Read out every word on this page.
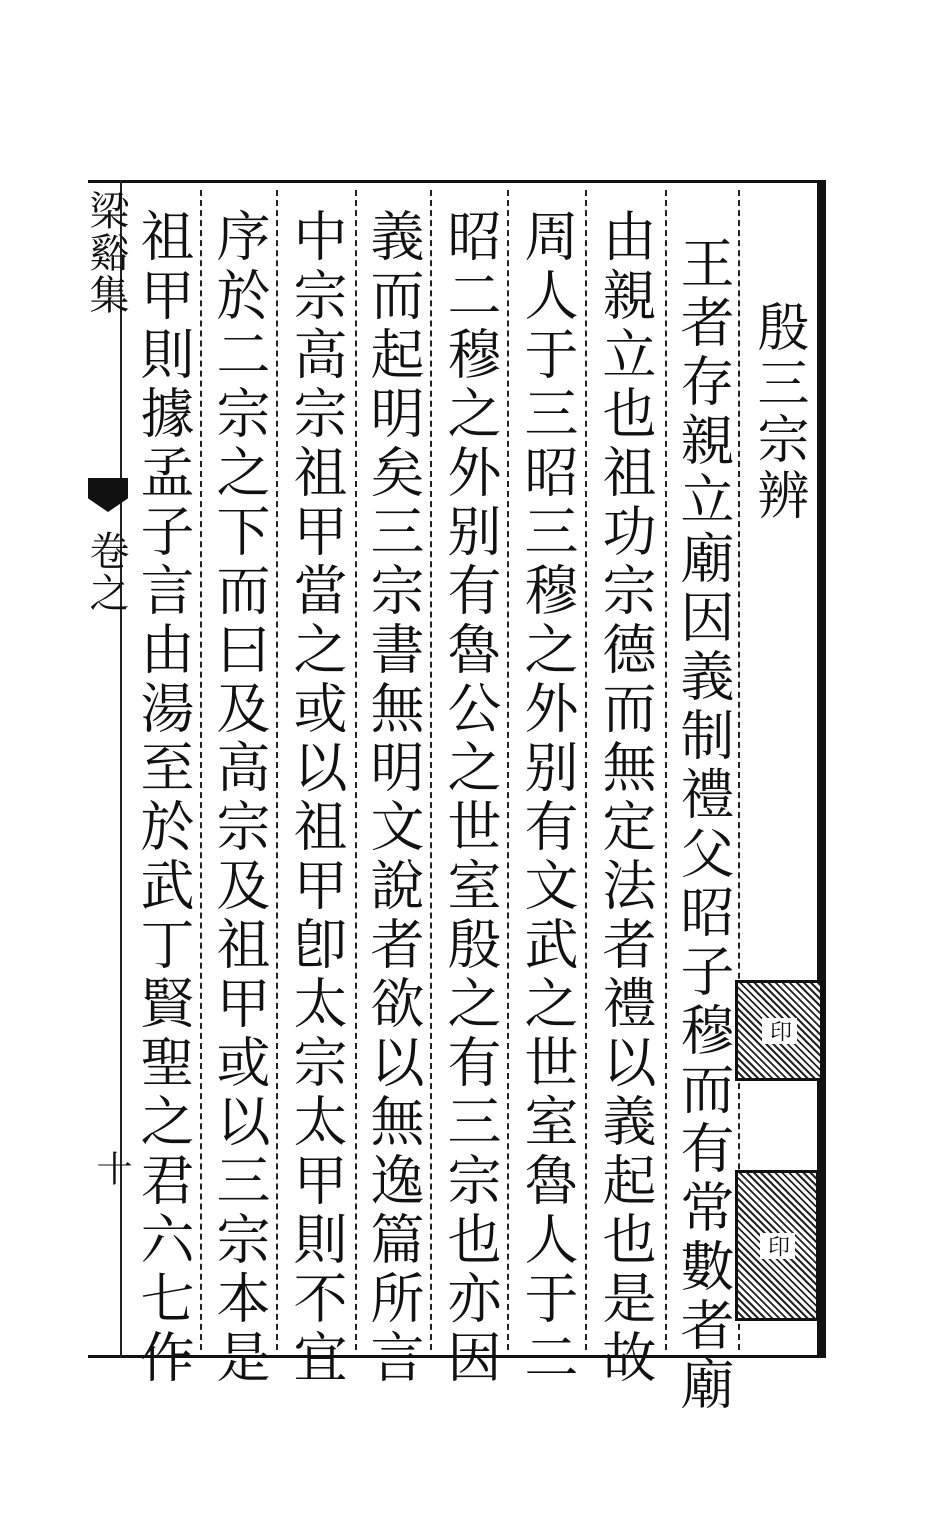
殷三宗辨
王者存親立廟因義制禮父昭子穆而有常數者廟
由親立也祖功宗德而無定法者禮以義起也是故
周人于三昭三穆之外别有文武之世室魯人于二
昭二穆之外别有魯公之世室殷之有三宗也亦因
義而起明矣三宗書無明文說者欲以無逸篇所言
中宗高宗祖甲當之或以祖甲卽太宗太甲則不宜
序於二宗之下而曰及高宗及祖甲或以三宗本是
祖甲則據孟子言由湯至於武丁賢聖之君六七作
梁谿集
卷之
十
印
印
